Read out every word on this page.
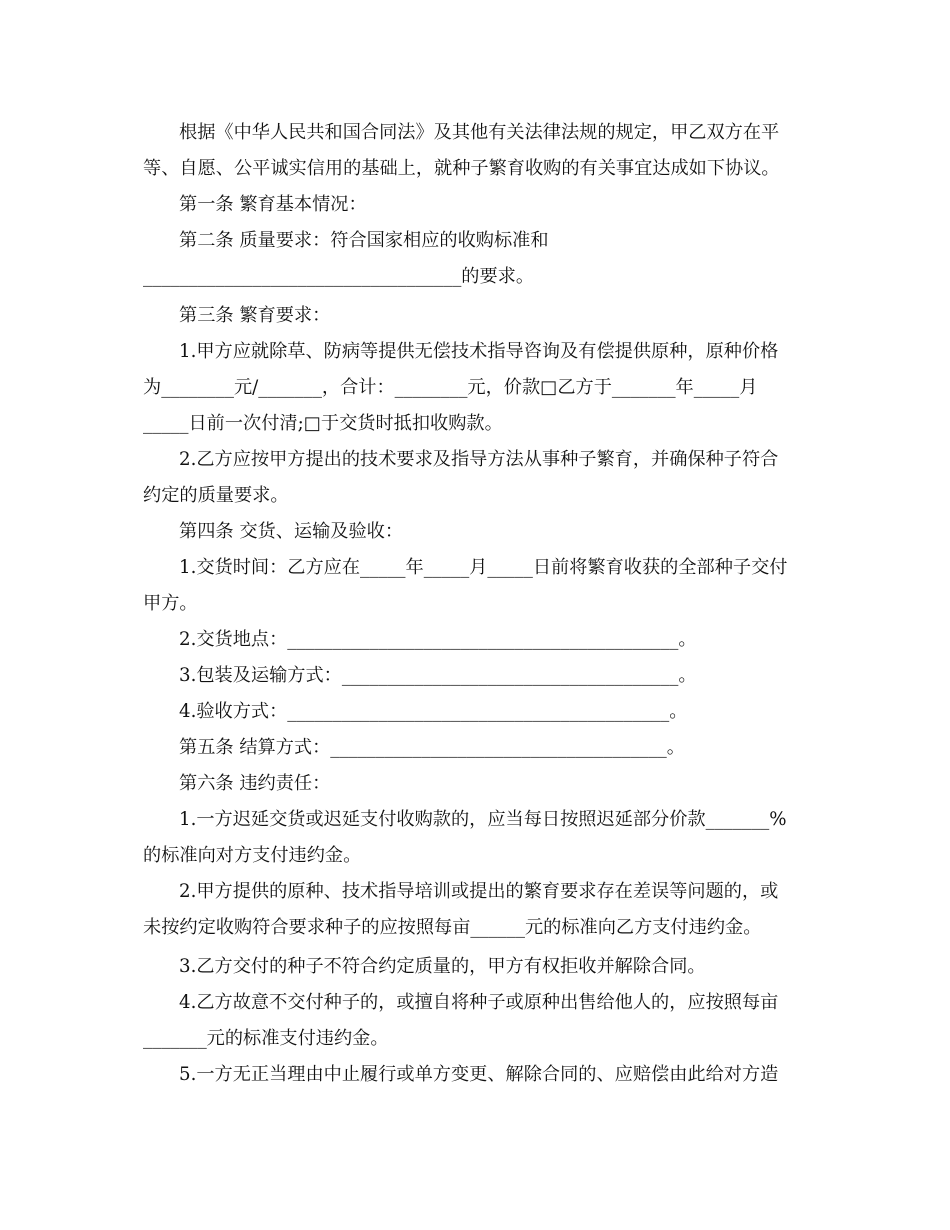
根据《中华人民共和国合同法》及其他有关法律法规的规定，甲乙双方在平
等、自愿、公平诚实信用的基础上，就种子繁育收购的有关事宜达成如下协议。
第一条 繁育基本情况：
第二条 质量要求：符合国家相应的收购标准和
___________________________________的要求。
第三条 繁育要求：
1.甲方应就除草、防病等提供无偿技术指导咨询及有偿提供原种，原种价格
为________元/_______，合计：________元，价款□乙方于_______年_____月
_____日前一次付清;□于交货时抵扣收购款。
2.乙方应按甲方提出的技术要求及指导方法从事种子繁育，并确保种子符合
约定的质量要求。
第四条 交货、运输及验收：
1.交货时间：乙方应在_____年_____月_____日前将繁育收获的全部种子交付
甲方。
2.交货地点：___________________________________________。
3.包装及运输方式：_____________________________________。
4.验收方式：__________________________________________。
第五条 结算方式：_____________________________________。
第六条 违约责任：
1.一方迟延交货或迟延支付收购款的，应当每日按照迟延部分价款_______%
的标准向对方支付违约金。
2.甲方提供的原种、技术指导培训或提出的繁育要求存在差误等问题的，或
未按约定收购符合要求种子的应按照每亩______元的标准向乙方支付违约金。
3.乙方交付的种子不符合约定质量的，甲方有权拒收并解除合同。
4.乙方故意不交付种子的，或擅自将种子或原种出售给他人的，应按照每亩
_______元的标准支付违约金。
5.一方无正当理由中止履行或单方变更、解除合同的、应赔偿由此给对方造
